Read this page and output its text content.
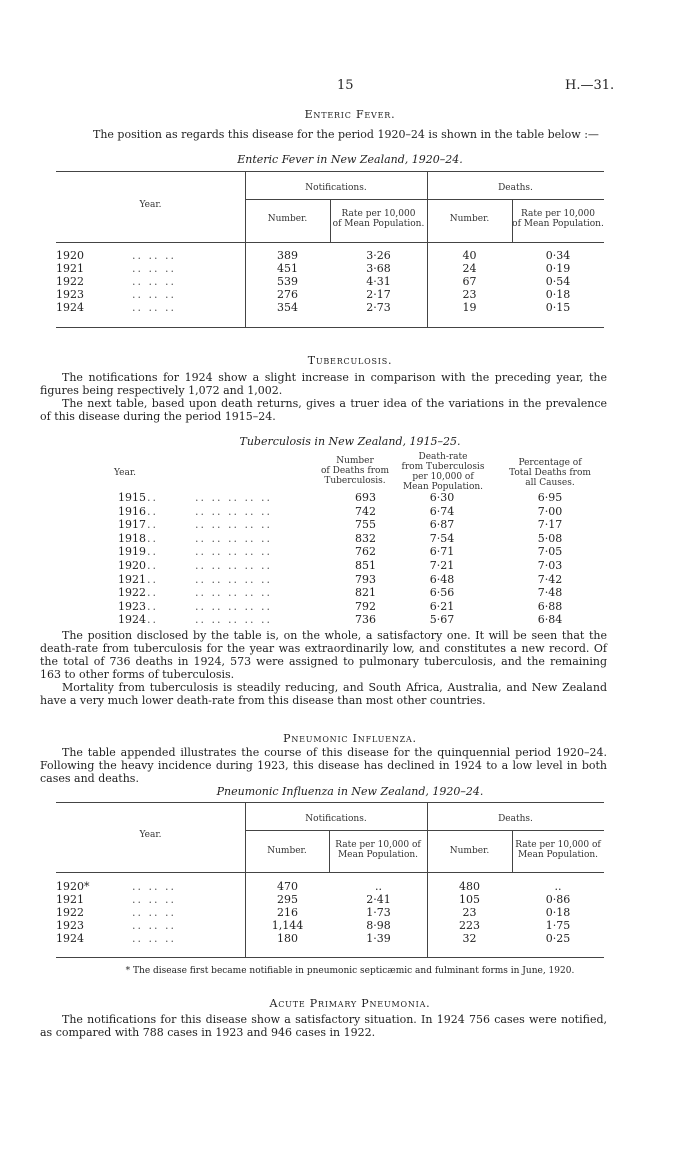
15	H.—31.
Enteric Fever.
The position as regards this disease for the period 1920–24 is shown in the table below :—
Enteric Fever in New Zealand, 1920–24.
Year.
Notifications.	Deaths.
Number.	Rate per 10,000
of Mean Population.	Number.	Rate per 10,000
of Mean Population.
1920	.. .. ..	389	3·26	40	0·34
1921	.. .. ..	451	3·68	24	0·19
1922	.. .. ..	539	4·31	67	0·54
1923	.. .. ..	276	2·17	23	0·18
1924	.. .. ..	354	2·73	19	0·15
Tuberculosis.
The notifications for 1924 show a slight increase in comparison with the preceding year, the figures being respectively 1,072 and 1,002.
The next table, based upon death returns, gives a truer idea of the variations in the prevalence of this disease during the period 1915–24.
Tuberculosis in New Zealand, 1915–25.
Year.
Number
of Deaths from
Tuberculosis.
Death-rate
from Tuberculosis
per 10,000 of
Mean Population.
Percentage of
Total Deaths from
all Causes.
1915 ..	.. .. .. .. ..	693	6·30	6·95
1916 ..	.. .. .. .. ..	742	6·74	7·00
1917 ..	.. .. .. .. ..	755	6·87	7·17
1918 ..	.. .. .. .. ..	832	7·54	5·08
1919 ..	.. .. .. .. ..	762	6·71	7·05
1920 ..	.. .. .. .. ..	851	7·21	7·03
1921 ..	.. .. .. .. ..	793	6·48	7·42
1922 ..	.. .. .. .. ..	821	6·56	7·48
1923 ..	.. .. .. .. ..	792	6·21	6·88
1924 ..	.. .. .. .. ..	736	5·67	6·84
The position disclosed by the table is, on the whole, a satisfactory one. It will be seen that the death-rate from tuberculosis for the year was extraordinarily low, and constitutes a new record. Of the total of 736 deaths in 1924, 573 were assigned to pulmonary tuberculosis, and the remaining 163 to other forms of tuberculosis.
Mortality from tuberculosis is steadily reducing, and South Africa, Australia, and New Zealand have a very much lower death-rate from this disease than most other countries.
Pneumonic Influenza.
The table appended illustrates the course of this disease for the quinquennial period 1920–24. Following the heavy incidence during 1923, this disease has declined in 1924 to a low level in both cases and deaths.
Pneumonic Influenza in New Zealand, 1920–24.
Year.
Notifications.	Deaths.
Number.
Rate per 10,000 of
Mean Population.	Number.
Rate per 10,000 of
Mean Population.
1920*	.. .. ..	470	..	480	..
1921	.. .. ..	295	2·41	105	0·86
1922	.. .. ..	216	1·73	23	0·18
1923	.. .. ..	1,144	8·98	223	1·75
1924	.. .. ..	180	1·39	32	0·25
* The disease first became notifiable in pneumonic septicæmic and fulminant forms in June, 1920.
Acute Primary Pneumonia.
The notifications for this disease show a satisfactory situation. In 1924 756 cases were notified, as compared with 788 cases in 1923 and 946 cases in 1922.
